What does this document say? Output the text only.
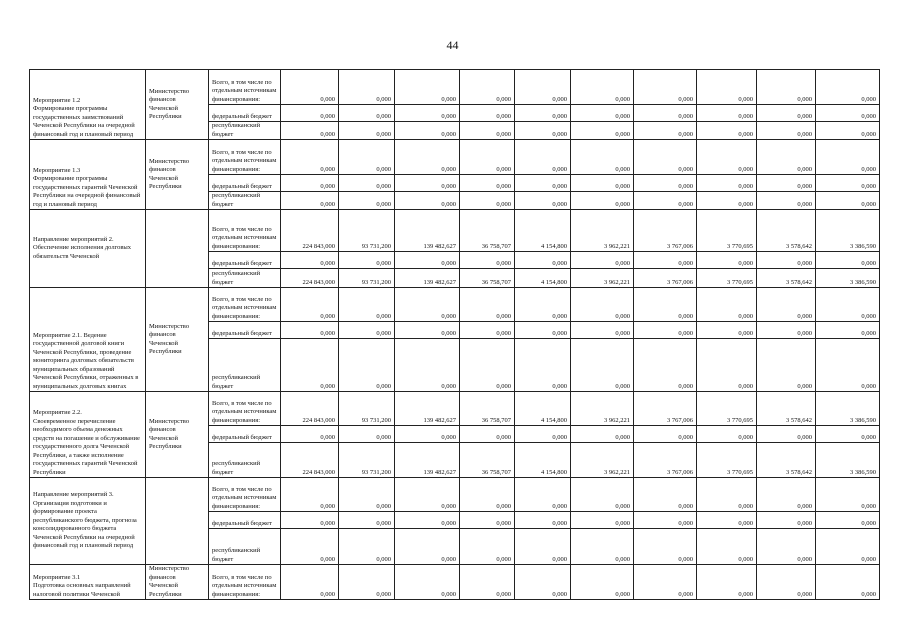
44
Мероприятие 1.2
Формирование программы государственных заимствований Чеченской Республики на очередной финансовый год и плановый период	Министерство финансов Чеченской Республики	Всего, в том числе по отдельным источникам финансирования:	0,000	0,000	0,000	0,000	0,000	0,000	0,000	0,000	0,000	0,000
		федеральный бюджет	0,000	0,000	0,000	0,000	0,000	0,000	0,000	0,000	0,000	0,000
		республиканский бюджет	0,000	0,000	0,000	0,000	0,000	0,000	0,000	0,000	0,000	0,000
Мероприятие 1.3
Формирование программы государственных гарантий Чеченской Республики на очередной финансовый год и плановый период	Министерство финансов Чеченской Республики	Всего, в том числе по отдельным источникам финансирования:	0,000	0,000	0,000	0,000	0,000	0,000	0,000	0,000	0,000	0,000
		федеральный бюджет	0,000	0,000	0,000	0,000	0,000	0,000	0,000	0,000	0,000	0,000
		республиканский бюджет	0,000	0,000	0,000	0,000	0,000	0,000	0,000	0,000	0,000	0,000
Направление мероприятий 2.
Обеспечение исполнения долговых обязательств Чеченской		Всего, в том числе по отдельным источникам финансирования:	224 843,000	93 731,200	139 482,627	36 758,707	4 154,800	3 962,221	3 767,006	3 770,695	3 578,642	3 386,590
		федеральный бюджет	0,000	0,000	0,000	0,000	0,000	0,000	0,000	0,000	0,000	0,000
		республиканский бюджет	224 843,000	93 731,200	139 482,627	36 758,707	4 154,800	3 962,221	3 767,006	3 770,695	3 578,642	3 386,590
Мероприятие 2.1. Ведение государственной долговой книги Чеченской Республики, проведение мониторинга долговых обязательств муниципальных образований Чеченской Республики, отраженных в муниципальных долговых книгах	Министерство финансов Чеченской Республики	Всего, в том числе по отдельным источникам финансирования:	0,000	0,000	0,000	0,000	0,000	0,000	0,000	0,000	0,000	0,000
		федеральный бюджет	0,000	0,000	0,000	0,000	0,000	0,000	0,000	0,000	0,000	0,000
		республиканский бюджет	0,000	0,000	0,000	0,000	0,000	0,000	0,000	0,000	0,000	0,000
Мероприятие 2.2.
Своевременное перечисление необходимого объема денежных средств на погашение и обслуживание государственного долга Чеченской Республики, а также исполнение государственных гарантий Чеченской Республики	Министерство финансов Чеченской Республики	Всего, в том числе по отдельным источникам финансирования:	224 843,000	93 731,200	139 482,627	36 758,707	4 154,800	3 962,221	3 767,006	3 770,695	3 578,642	3 386,590
		федеральный бюджет	0,000	0,000	0,000	0,000	0,000	0,000	0,000	0,000	0,000	0,000
		республиканский бюджет	224 843,000	93 731,200	139 482,627	36 758,707	4 154,800	3 962,221	3 767,006	3 770,695	3 578,642	3 386,590
Направление мероприятий 3.
Организация подготовки и формирование проекта республиканского бюджета, прогноза консолидированного бюджета Чеченской Республики на очередной финансовый год и плановый период		Всего, в том числе по отдельным источникам финансирования:	0,000	0,000	0,000	0,000	0,000	0,000	0,000	0,000	0,000	0,000
		федеральный бюджет	0,000	0,000	0,000	0,000	0,000	0,000	0,000	0,000	0,000	0,000
		республиканский бюджет	0,000	0,000	0,000	0,000	0,000	0,000	0,000	0,000	0,000	0,000
Мероприятие 3.1
Подготовка основных направлений налоговой политики Чеченской	Министерство финансов Чеченской Республики	Всего, в том числе по отдельным источникам финансирования:	0,000	0,000	0,000	0,000	0,000	0,000	0,000	0,000	0,000	0,000
